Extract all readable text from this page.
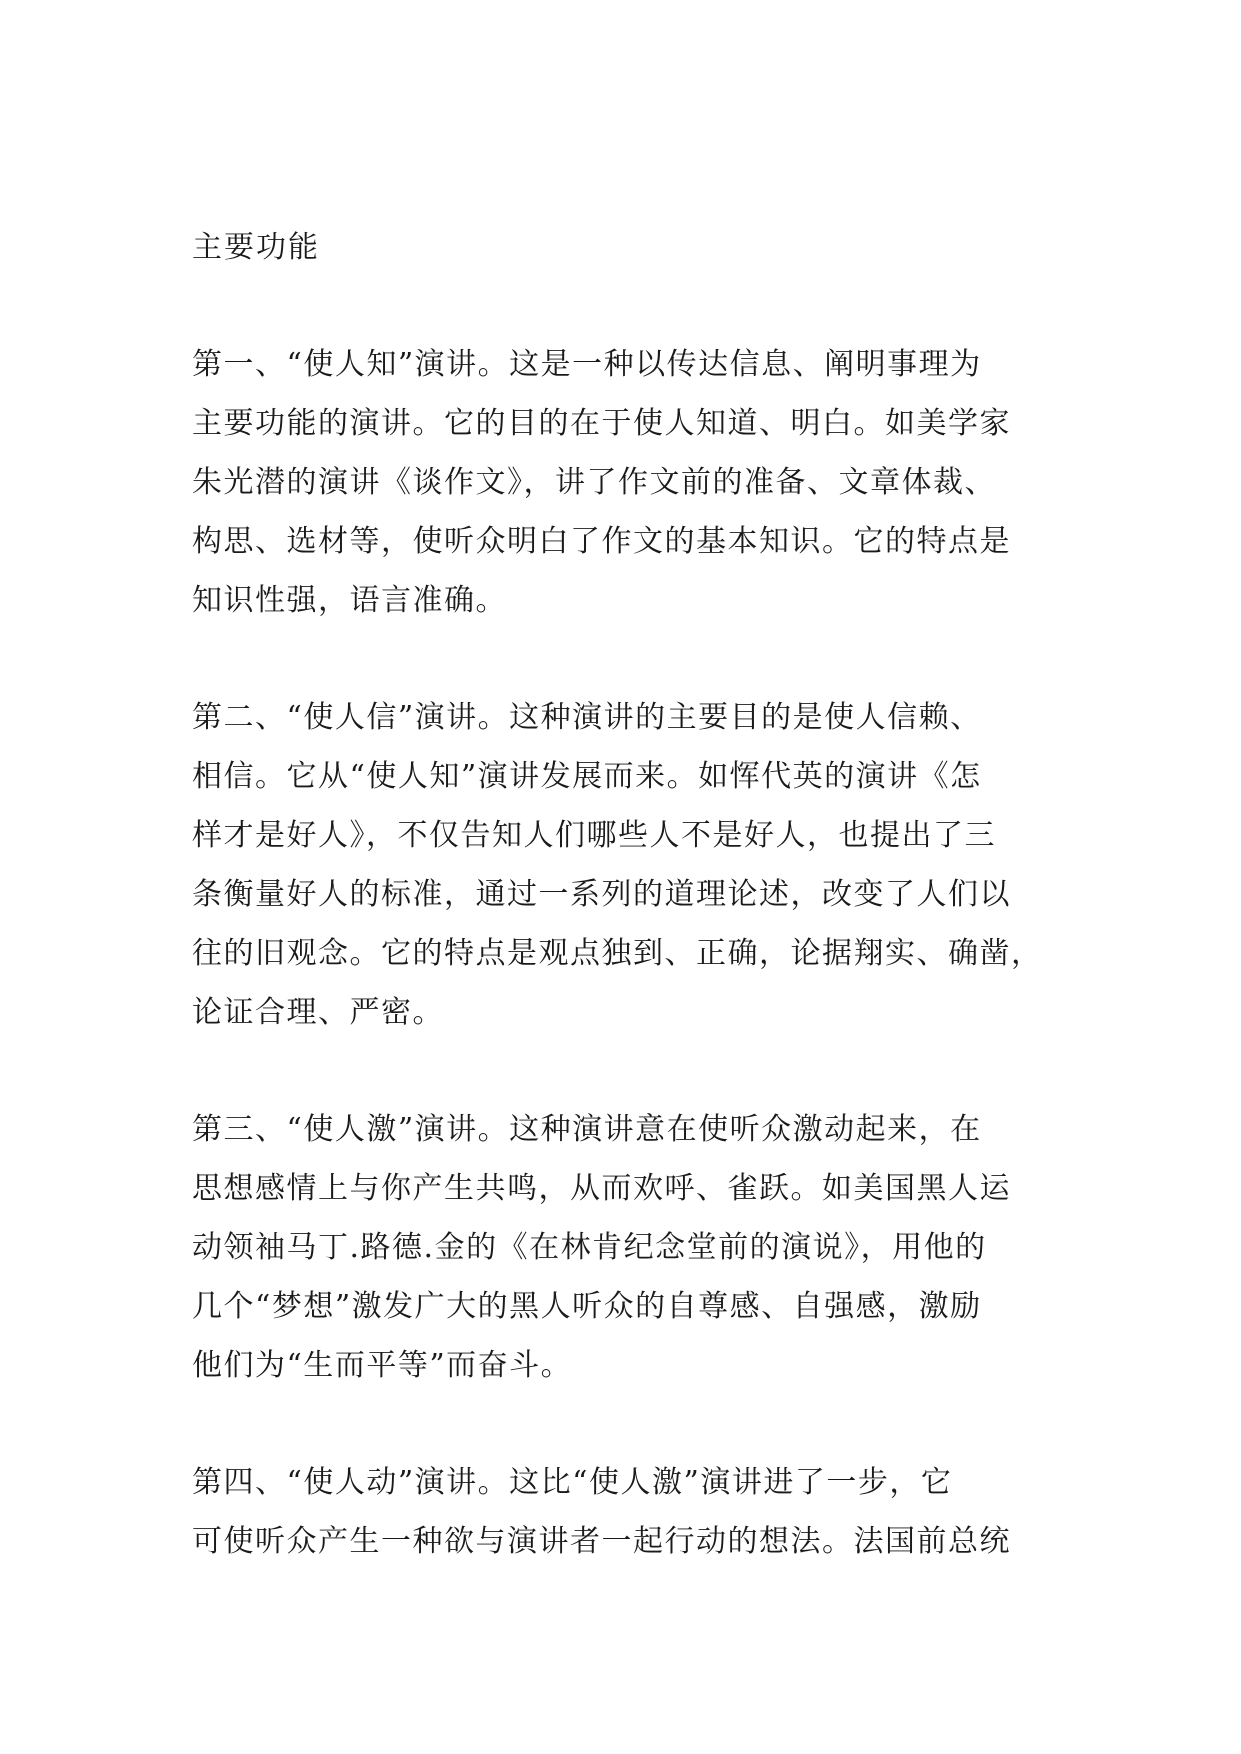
主要功能
第一、“使人知”演讲。这是一种以传达信息、阐明事理为
主要功能的演讲。它的目的在于使人知道、明白。如美学家
朱光潜的演讲《谈作文》，讲了作文前的准备、文章体裁、
构思、选材等，使听众明白了作文的基本知识。它的特点是
知识性强，语言准确。
第二、“使人信”演讲。这种演讲的主要目的是使人信赖、
相信。它从“使人知”演讲发展而来。如恽代英的演讲《怎
样才是好人》，不仅告知人们哪些人不是好人，也提出了三
条衡量好人的标准，通过一系列的道理论述，改变了人们以
往的旧观念。它的特点是观点独到、正确，论据翔实、确凿，
论证合理、严密。
第三、“使人激”演讲。这种演讲意在使听众激动起来，在
思想感情上与你产生共鸣，从而欢呼、雀跃。如美国黑人运
动领袖马丁.路德.金的《在林肯纪念堂前的演说》，用他的
几个“梦想”激发广大的黑人听众的自尊感、自强感，激励
他们为“生而平等”而奋斗。
第四、“使人动”演讲。这比“使人激”演讲进了一步，它
可使听众产生一种欲与演讲者一起行动的想法。法国前总统
